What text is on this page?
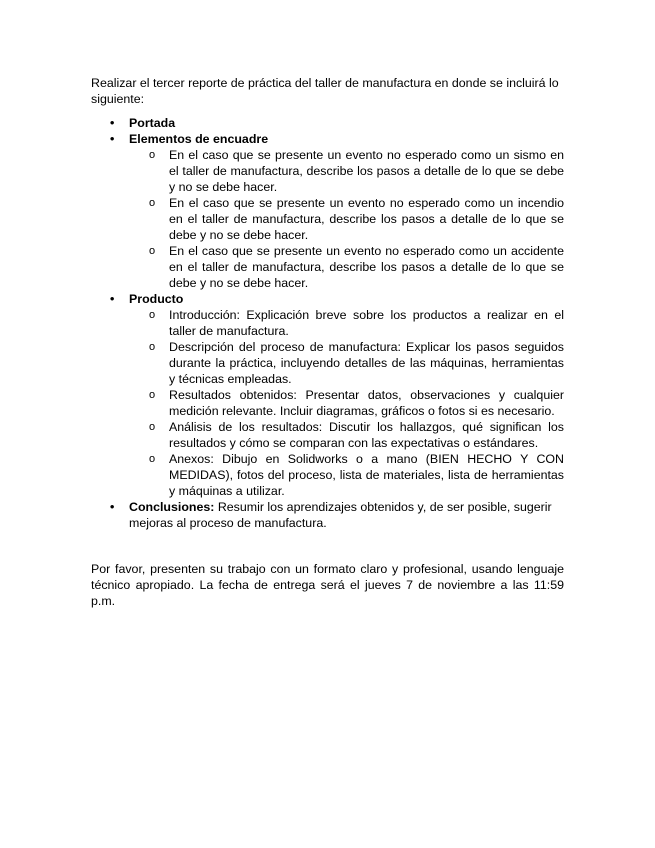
Realizar el tercer reporte de práctica del taller de manufactura en donde se incluirá lo siguiente:

• Portada
• Elementos de encuadre
o En el caso que se presente un evento no esperado como un sismo en el taller de manufactura, describe los pasos a detalle de lo que se debe y no se debe hacer.
o En el caso que se presente un evento no esperado como un incendio en el taller de manufactura, describe los pasos a detalle de lo que se debe y no se debe hacer.
o En el caso que se presente un evento no esperado como un accidente en el taller de manufactura, describe los pasos a detalle de lo que se debe y no se debe hacer.
• Producto
o Introducción: Explicación breve sobre los productos a realizar en el taller de manufactura.
o Descripción del proceso de manufactura: Explicar los pasos seguidos durante la práctica, incluyendo detalles de las máquinas, herramientas y técnicas empleadas.
o Resultados obtenidos: Presentar datos, observaciones y cualquier medición relevante. Incluir diagramas, gráficos o fotos si es necesario.
o Análisis de los resultados: Discutir los hallazgos, qué significan los resultados y cómo se comparan con las expectativas o estándares.
o Anexos: Dibujo en Solidworks o a mano (BIEN HECHO Y CON MEDIDAS), fotos del proceso, lista de materiales, lista de herramientas y máquinas a utilizar.
• Conclusiones: Resumir los aprendizajes obtenidos y, de ser posible, sugerir mejoras al proceso de manufactura.

Por favor, presenten su trabajo con un formato claro y profesional, usando lenguaje técnico apropiado. La fecha de entrega será el jueves 7 de noviembre a las 11:59 p.m.
